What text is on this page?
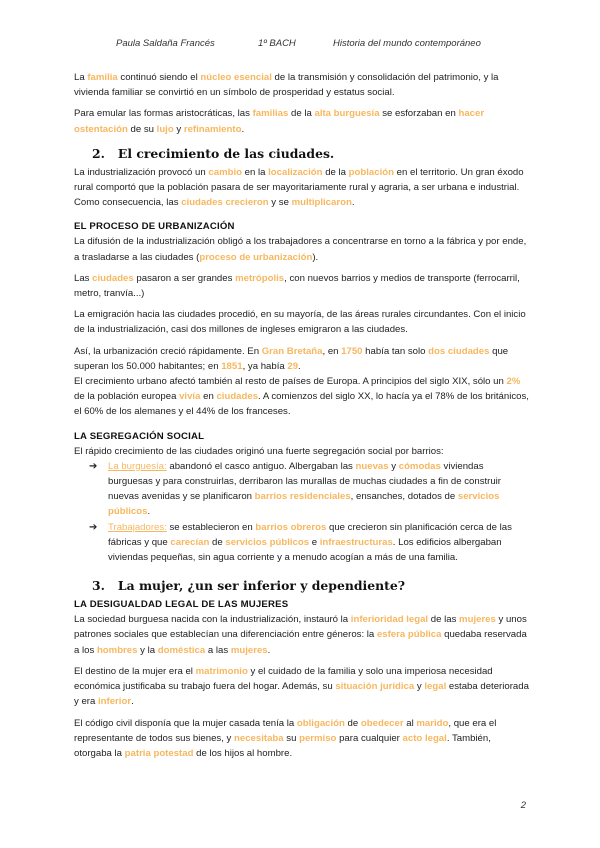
Paula Saldaña Francés	1º BACH	Historia del mundo contemporáneo

La familia continuó siendo el núcleo esencial de la transmisión y consolidación del patrimonio, y la vivienda familiar se convirtió en un símbolo de prosperidad y estatus social.

Para emular las formas aristocráticas, las familias de la alta burguesía se esforzaban en hacer ostentación de su lujo y refinamiento.

2. El crecimiento de las ciudades.

La industrialización provocó un cambio en la localización de la población en el territorio. Un gran éxodo rural comportó que la población pasara de ser mayoritariamente rural y agraria, a ser urbana e industrial. Como consecuencia, las ciudades crecieron y se multiplicaron.

EL PROCESO DE URBANIZACIÓN

La difusión de la industrialización obligó a los trabajadores a concentrarse en torno a la fábrica y por ende, a trasladarse a las ciudades (proceso de urbanización).

Las ciudades pasaron a ser grandes metrópolis, con nuevos barrios y medios de transporte (ferrocarril, metro, tranvía...)

La emigración hacia las ciudades procedió, en su mayoría, de las áreas rurales circundantes. Con el inicio de la industrialización, casi dos millones de ingleses emigraron a las ciudades.

Así, la urbanización creció rápidamente. En Gran Bretaña, en 1750 había tan solo dos ciudades que superan los 50.000 habitantes; en 1851, ya había 29.

El crecimiento urbano afectó también al resto de países de Europa. A principios del siglo XIX, sólo un 2% de la población europea vivía en ciudades. A comienzos del siglo XX, lo hacía ya el 78% de los británicos, el 60% de los alemanes y el 44% de los franceses.

LA SEGREGACIÓN SOCIAL

El rápido crecimiento de las ciudades originó una fuerte segregación social por barrios:

➔ La burguesía: abandonó el casco antiguo. Albergaban las nuevas y cómodas viviendas burguesas y para construirlas, derribaron las murallas de muchas ciudades a fin de construir nuevas avenidas y se planificaron barrios residenciales, ensanches, dotados de servicios públicos.
➔ Trabajadores: se establecieron en barrios obreros que crecieron sin planificación cerca de las fábricas y que carecían de servicios públicos e infraestructuras. Los edificios albergaban viviendas pequeñas, sin agua corriente y a menudo acogían a más de una familia.
3. La mujer, ¿un ser inferior y dependiente?
LA DESIGUALDAD LEGAL DE LAS MUJERES

La sociedad burguesa nacida con la industrialización, instauró la inferioridad legal de las mujeres y unos patrones sociales que establecían una diferenciación entre géneros: la esfera pública quedaba reservada a los hombres y la doméstica a las mujeres.

El destino de la mujer era el matrimonio y el cuidado de la familia y solo una imperiosa necesidad económica justificaba su trabajo fuera del hogar. Además, su situación jurídica y legal estaba deteriorada y era inferior.

El código civil disponía que la mujer casada tenía la obligación de obedecer al marido, que era el representante de todos sus bienes, y necesitaba su permiso para cualquier acto legal. También, otorgaba la patria potestad de los hijos al hombre.

2
